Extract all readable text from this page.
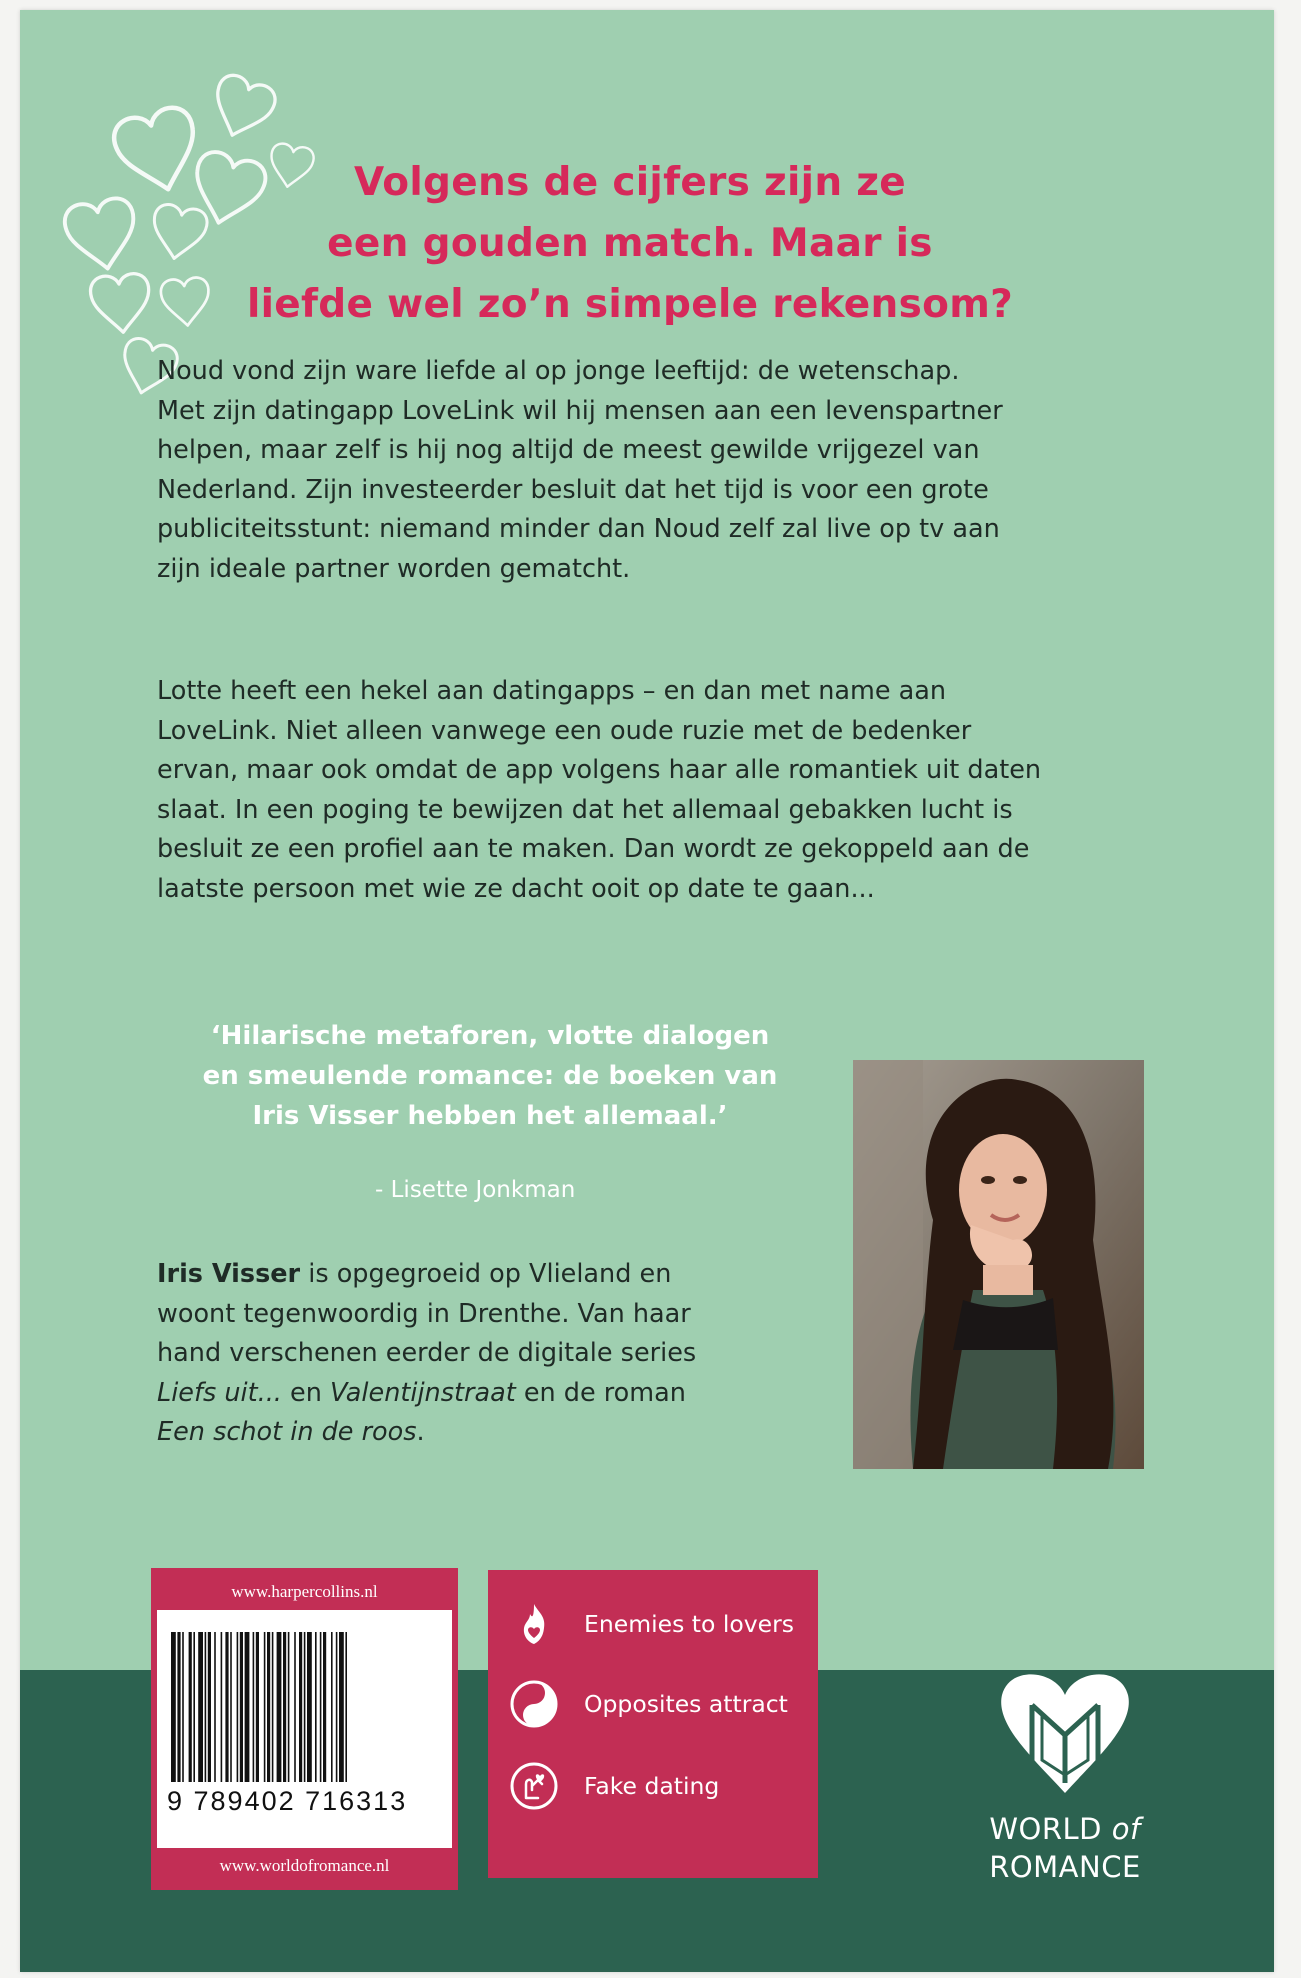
Volgens de cijfers zijn ze
een gouden match. Maar is
liefde wel zo’n simpele rekensom?
Noud vond zijn ware liefde al op jonge leeftijd: de wetenschap.
Met zijn datingapp LoveLink wil hij mensen aan een levenspartner
helpen, maar zelf is hij nog altijd de meest gewilde vrijgezel van
Nederland. Zijn investeerder besluit dat het tijd is voor een grote
publiciteitsstunt: niemand minder dan Noud zelf zal live op tv aan
zijn ideale partner worden gematcht.
Lotte heeft een hekel aan datingapps – en dan met name aan
LoveLink. Niet alleen vanwege een oude ruzie met de bedenker
ervan, maar ook omdat de app volgens haar alle romantiek uit daten
slaat. In een poging te bewijzen dat het allemaal gebakken lucht is
besluit ze een profiel aan te maken. Dan wordt ze gekoppeld aan de
laatste persoon met wie ze dacht ooit op date te gaan...
‘Hilarische metaforen, vlotte dialogen
en smeulende romance: de boeken van
Iris Visser hebben het allemaal.’
- Lisette Jonkman
Iris Visser is opgegroeid op Vlieland en
woont tegenwoordig in Drenthe. Van haar
hand verschenen eerder de digitale series
Liefs uit... en Valentijnstraat en de roman
Een schot in de roos.
www.harpercollins.nl
9 789402 716313
www.worldofromance.nl
Enemies to lovers
Opposites attract
Fake dating
WORLD of
ROMANCE
